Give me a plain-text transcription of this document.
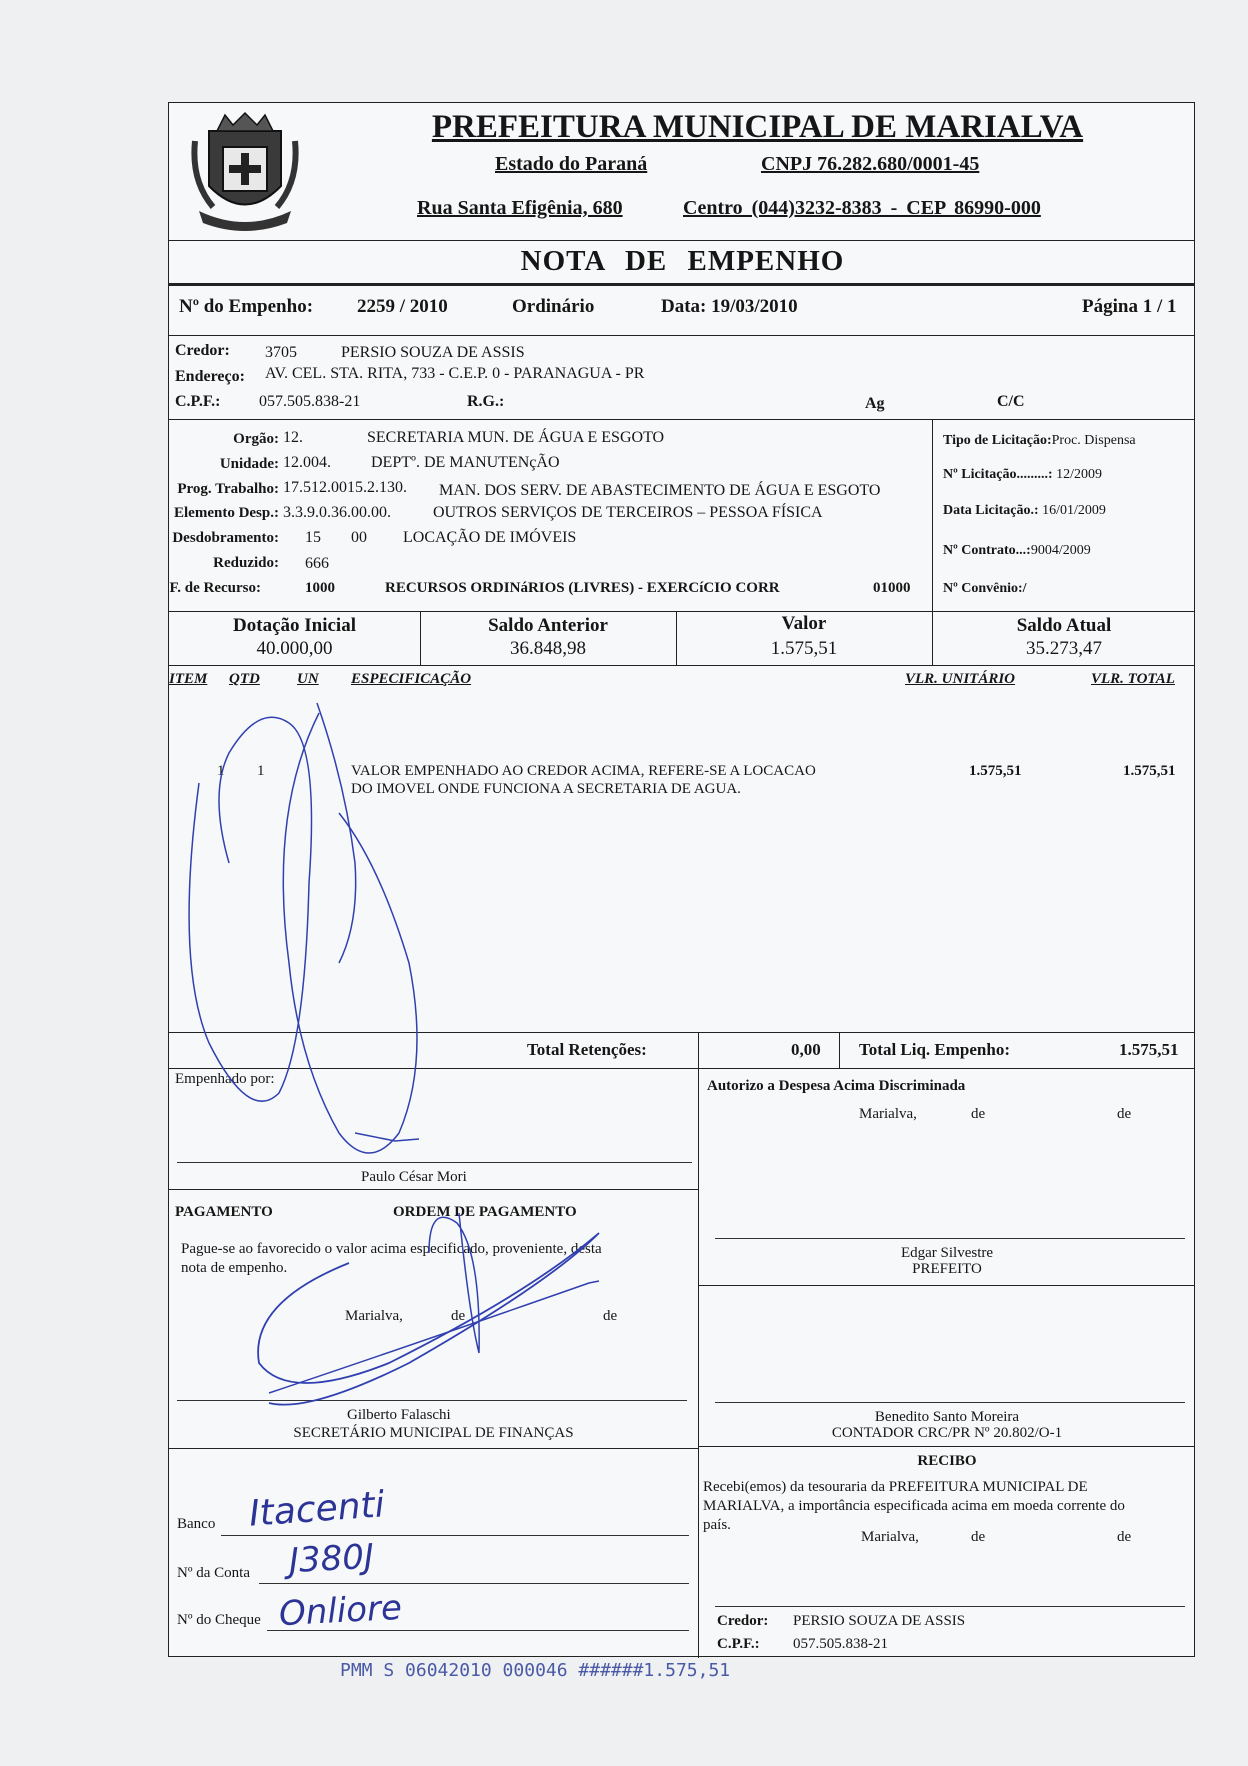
PREFEITURA MUNICIPAL DE MARIALVA
Estado do Paraná	CNPJ 76.282.680/0001-45
Rua Santa Efigênia, 680	Centro (044)3232-8383 - CEP 86990-000
NOTA DE EMPENHO
Nº do Empenho: 2259 / 2010	Ordinário	Data: 19/03/2010	Página 1 / 1
Credor: 3705	PERSIO SOUZA DE ASSIS
Endereço: AV. CEL. STA. RITA, 733 - C.E.P. 0 - PARANAGUA - PR
C.P.F.: 057.505.838-21	R.G.:	Ag	C/C
Orgão: 12.	SECRETARIA MUN. DE ÁGUA E ESGOTO
Unidade: 12.004.	DEPTº. DE MANUTENçÃO
Prog. Trabalho: 17.512.0015.2.130. MAN. DOS SERV. DE ABASTECIMENTO DE ÁGUA E ESGOTO
Elemento Desp.: 3.3.9.0.36.00.00.	OUTROS SERVIÇOS DE TERCEIROS – PESSOA FÍSICA
Desdobramento: 15 00 LOCAÇÃO DE IMÓVEIS
Reduzido: 666
F. de Recurso:	1000	RECURSOS ORDINáRIOS (LIVRES) - EXERCíCIO CORR	01000
Tipo de Licitação:Proc. Dispensa
Nº Licitação.........: 12/2009
Data Licitação.: 16/01/2009
Nº Contrato...:9004/2009
Nº Convênio:/
Dotação Inicial
40.000,00
Saldo Anterior
36.848,98
Valor
1.575,51
Saldo Atual
35.273,47
ITEM QTD UN ESPECIFICAÇÃO	VLR. UNITÁRIO	VLR. TOTAL
1 1	VALOR EMPENHADO AO CREDOR ACIMA, REFERE-SE A LOCACAO
DO IMOVEL ONDE FUNCIONA A SECRETARIA DE AGUA.
1.575,51	1.575,51
Total Retenções:	0,00 Total Liq. Empenho:	1.575,51
Empenhado por:
Paulo César Mori
Autorizo a Despesa Acima Discriminada
Marialva,	de	de
PAGAMENTO	ORDEM DE PAGAMENTO
Pague-se ao favorecido o valor acima especificado, proveniente, desta
nota de empenho.
Marialva,	de	de
Gilberto Falaschi
SECRETÁRIO MUNICIPAL DE FINANÇAS
Edgar Silvestre
PREFEITO
Benedito Santo Moreira
CONTADOR CRC/PR Nº 20.802/O-1
RECIBO
Recebi(emos) da tesouraria da PREFEITURA MUNICIPAL DE
MARIALVA, a importância especificada acima em moeda corrente do
país.
Marialva,	de	de
Credor: PERSIO SOUZA DE ASSIS
C.P.F.: 057.505.838-21
Banco
Nº da Conta
Nº do Cheque
Itacenti
J380J
Onliore
PMM S 06042010 000046 ######1.575,51
